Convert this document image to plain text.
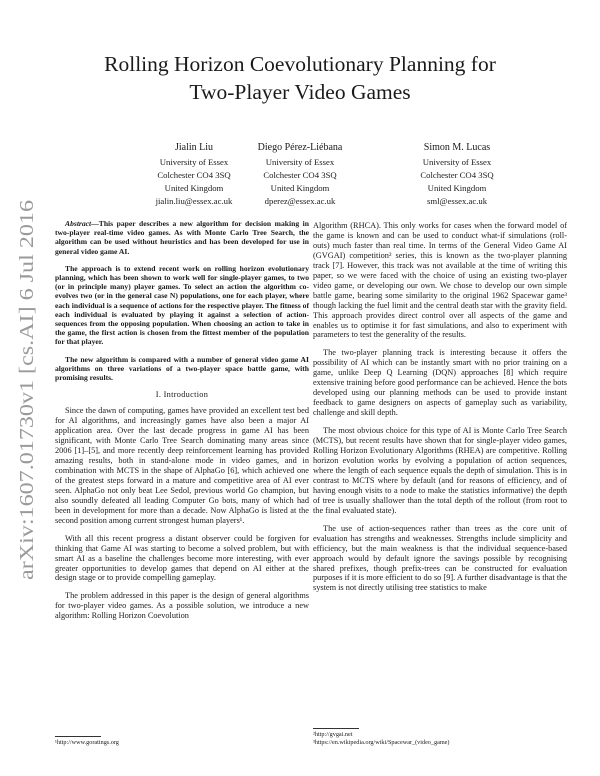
Rolling Horizon Coevolutionary Planning for
Two-Player Video Games
Jialin Liu
University of Essex
Colchester CO4 3SQ
United Kingdom
jialin.liu@essex.ac.uk
Diego Pérez-Liébana
University of Essex
Colchester CO4 3SQ
United Kingdom
dperez@essex.ac.uk
Simon M. Lucas
University of Essex
Colchester CO4 3SQ
United Kingdom
sml@essex.ac.uk
arXiv:1607.01730v1 [cs.AI] 6 Jul 2016

Abstract—This paper describes a new algorithm for decision making in two-player real-time video games. As with Monte Carlo Tree Search, the algorithm can be used without heuristics and has been developed for use in general video game AI.

The approach is to extend recent work on rolling horizon evolutionary planning, which has been shown to work well for single-player games, to two (or in principle many) player games. To select an action the algorithm co-evolves two (or in the general case N) populations, one for each player, where each individual is a sequence of actions for the respective player. The fitness of each individual is evaluated by playing it against a selection of action-sequences from the opposing population. When choosing an action to take in the game, the first action is chosen from the fittest member of the population for that player.

The new algorithm is compared with a number of general video game AI algorithms on three variations of a two-player space battle game, with promising results.

I. Introduction

Since the dawn of computing, games have provided an excellent test bed for AI algorithms, and increasingly games have also been a major AI application area. Over the last decade progress in game AI has been significant, with Monte Carlo Tree Search dominating many areas since 2006 [1]–[5], and more recently deep reinforcement learning has provided amazing results, both in stand-alone mode in video games, and in combination with MCTS in the shape of AlphaGo [6], which achieved one of the greatest steps forward in a mature and competitive area of AI ever seen. AlphaGo not only beat Lee Sedol, previous world Go champion, but also soundly defeated all leading Computer Go bots, many of which had been in development for more than a decade. Now AlphaGo is listed at the second position among current strongest human players¹.

With all this recent progress a distant observer could be forgiven for thinking that Game AI was starting to become a solved problem, but with smart AI as a baseline the challenges become more interesting, with ever greater opportunities to develop games that depend on AI either at the design stage or to provide compelling gameplay.

The problem addressed in this paper is the design of general algorithms for two-player video games. As a possible solution, we introduce a new algorithm: Rolling Horizon Coevolution

Algorithm (RHCA). This only works for cases when the forward model of the game is known and can be used to conduct what-if simulations (roll-outs) much faster than real time. In terms of the General Video Game AI (GVGAI) competition² series, this is known as the two-player planning track [7]. However, this track was not available at the time of writing this paper, so we were faced with the choice of using an existing two-player video game, or developing our own. We chose to develop our own simple battle game, bearing some similarity to the original 1962 Spacewar game³ though lacking the fuel limit and the central death star with the gravity field. This approach provides direct control over all aspects of the game and enables us to optimise it for fast simulations, and also to experiment with parameters to test the generality of the results.

The two-player planning track is interesting because it offers the possibility of AI which can be instantly smart with no prior training on a game, unlike Deep Q Learning (DQN) approaches [8] which require extensive training before good performance can be achieved. Hence the bots developed using our planning methods can be used to provide instant feedback to game designers on aspects of gameplay such as variability, challenge and skill depth.

The most obvious choice for this type of AI is Monte Carlo Tree Search (MCTS), but recent results have shown that for single-player video games, Rolling Horizon Evolutionary Algorithms (RHEA) are competitive. Rolling horizon evolution works by evolving a population of action sequences, where the length of each sequence equals the depth of simulation. This is in contrast to MCTS where by default (and for reasons of efficiency, and of having enough visits to a node to make the statistics informative) the depth of tree is usually shallower than the total depth of the rollout (from root to the final evaluated state).

The use of action-sequences rather than trees as the core unit of evaluation has strengths and weaknesses. Strengths include simplicity and efficiency, but the main weakness is that the individual sequence-based approach would by default ignore the savings possible by recognising shared prefixes, though prefix-trees can be constructed for evaluation purposes if it is more efficient to do so [9]. A further disadvantage is that the system is not directly utilising tree statistics to make

¹http://www.goratings.org
²http://gvgai.net
³https://en.wikipedia.org/wiki/Spacewar_(video_game)
